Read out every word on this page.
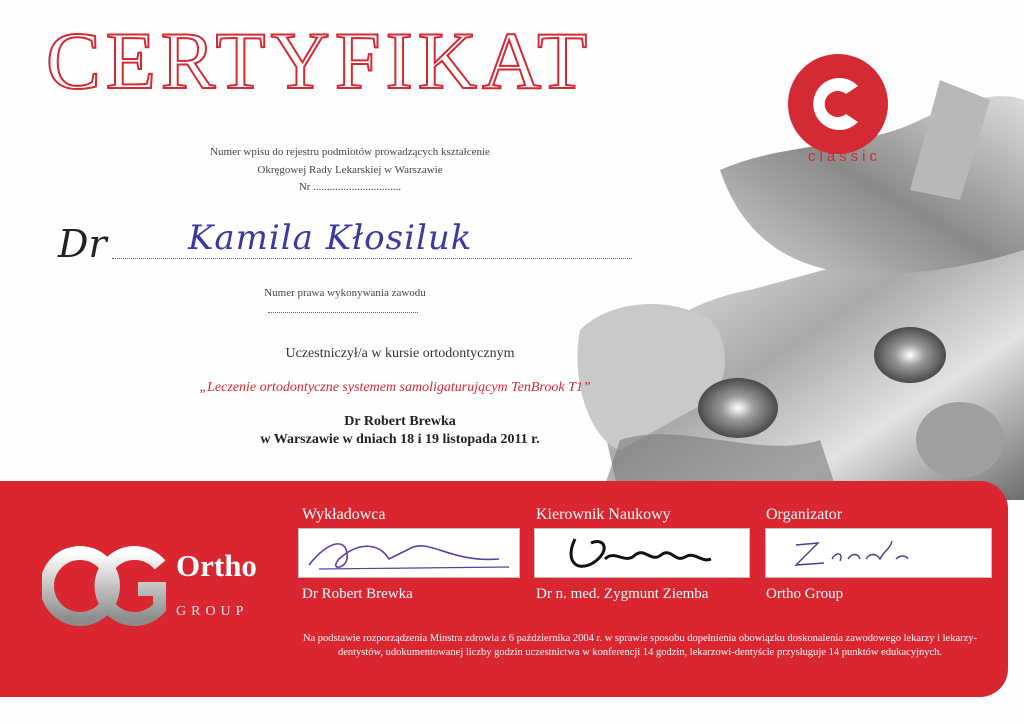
CERTYFIKAT
classic
Numer wpisu do rejestru podmiotów prowadzących kształcenie
Okręgowej Rady Lekarskiej w Warszawie
Nr ................................
Dr Kamila Kłosiluk
Numer prawa wykonywania zawodu
Uczestniczył/a w kursie ortodontycznym
„Leczenie ortodontyczne systemem samoligaturującym TenBrook T1”
Dr Robert Brewka
w Warszawie w dniach 18 i 19 listopada 2011 r.
Ortho
GROUP
Wykładowca	Kierownik Naukowy	Organizator
Dr Robert Brewka	Dr n. med. Zygmunt Ziemba	Ortho Group
Na podstawie rozporządzenia Minstra zdrowia z 6 października 2004 r. w sprawie sposobu dopełnienia obowiązku doskonalenia zawodowego lekarzy i lekarzy-dentystów, udokumentowanej liczby godzin uczestnictwa w konferencji 14 godzin, lekarzowi-dentyście przysługuje 14 punktów edukacyjnych.
